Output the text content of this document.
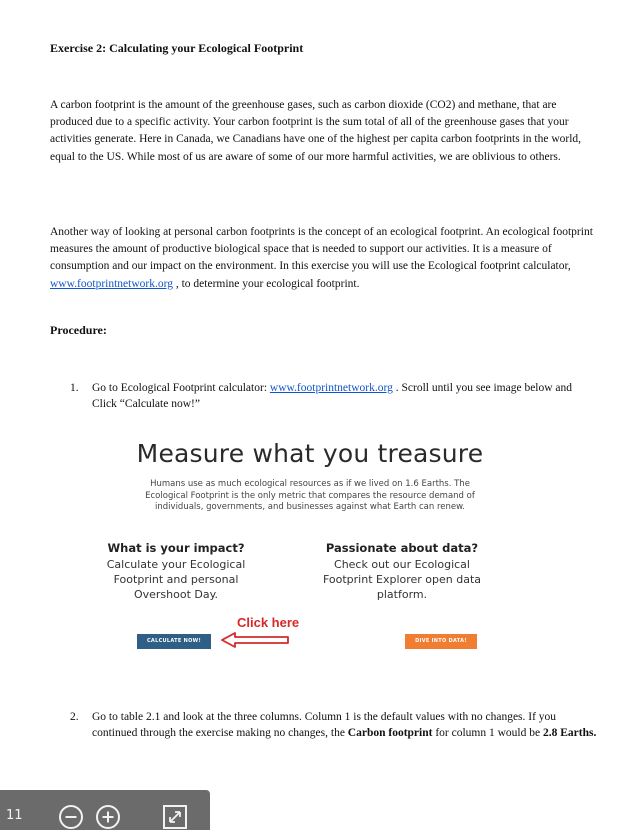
Exercise 2: Calculating your Ecological Footprint
A carbon footprint is the amount of the greenhouse gases, such as carbon dioxide (CO2) and methane, that are produced due to a specific activity. Your carbon footprint is the sum total of all of the greenhouse gases that your activities generate. Here in Canada, we Canadians have one of the highest per capita carbon footprints in the world, equal to the US. While most of us are aware of some of our more harmful activities, we are oblivious to others.
Another way of looking at personal carbon footprints is the concept of an ecological footprint. An ecological footprint measures the amount of productive biological space that is needed to support our activities. It is a measure of consumption and our impact on the environment. In this exercise you will use the Ecological footprint calculator, www.footprintnetwork.org , to determine your ecological footprint.
Procedure:
1. Go to Ecological Footprint calculator: www.footprintnetwork.org . Scroll until you see image below and Click “Calculate now!”
Measure what you treasure
Humans use as much ecological resources as if we lived on 1.6 Earths. The Ecological Footprint is the only metric that compares the resource demand of individuals, governments, and businesses against what Earth can renew.
What is your impact?

Calculate your Ecological Footprint and personal Overshoot Day.

Passionate about data?

Check out our Ecological Footprint Explorer open data platform.

CALCULATE NOW!	DIVE INTO DATA!
Click here
2. Go to table 2.1 and look at the three columns. Column 1 is the default values with no changes. If you continued through the exercise making no changes, the Carbon footprint for column 1 would be 2.8 Earths.
11
